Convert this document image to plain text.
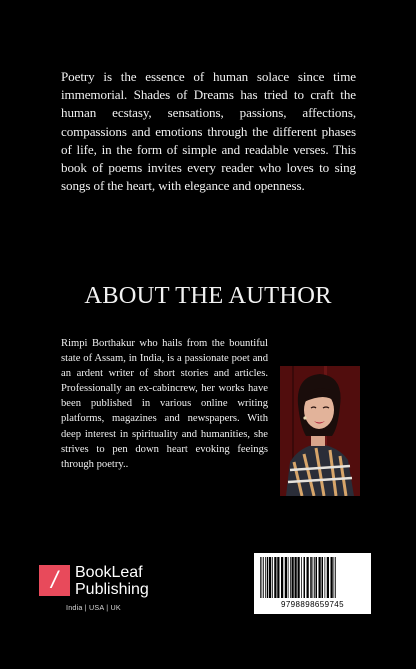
Poetry is the essence of human solace since time immemorial. Shades of Dreams has tried to craft the human ecstasy, sensations, passions, affections, compassions and emotions through the different phases of life, in the form of simple and readable verses. This book of poems invites every reader who loves to sing songs of the heart, with elegance and openness.

ABOUT THE AUTHOR

Rimpi Borthakur who hails from the bountiful state of Assam, in India, is a passionate poet and an ardent writer of short stories and articles. Professionally an ex-cabincrew, her works have been published in various online writing platforms, magazines and newspapers. With deep interest in spirituality and humanities, she strives to pen down heart evoking feeings through poetry..

/	BookLeaf
Publishing
India | USA | UK	9798898659745
